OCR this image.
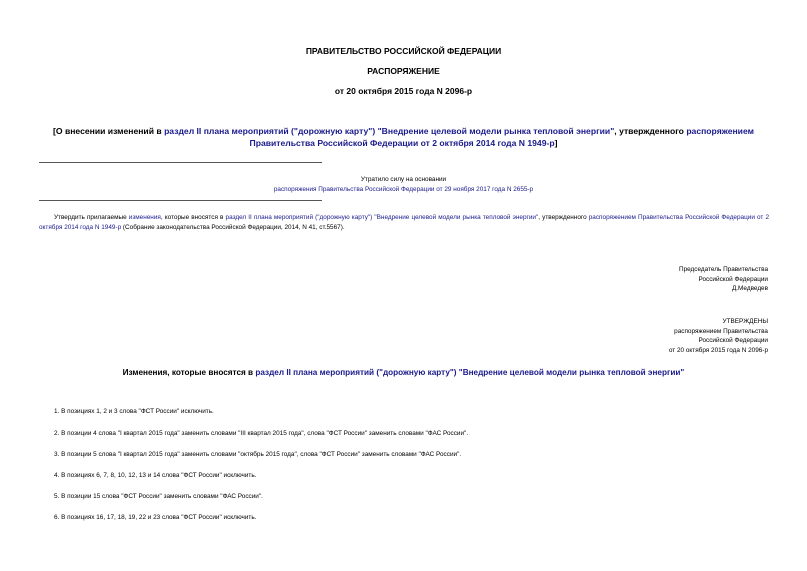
ПРАВИТЕЛЬСТВО РОССИЙСКОЙ ФЕДЕРАЦИИ
РАСПОРЯЖЕНИЕ
от 20 октября 2015 года N 2096-р
[О внесении изменений в раздел II плана мероприятий ("дорожную карту") "Внедрение целевой модели рынка тепловой энергии", утвержденного распоряжением
Правительства Российской Федерации от 2 октября 2014 года N 1949-р]
Утратило силу на основании
распоряжения Правительства Российской Федерации от 29 ноября 2017 года N 2655-р
Утвердить прилагаемые изменения, которые вносятся в раздел II плана мероприятий ("дорожную карту") "Внедрение целевой модели рынка тепловой энергии", утвержденного распоряжением Правительства Российской Федерации от 2 октября 2014 года N 1949-р (Собрание законодательства Российской Федерации, 2014, N 41, ст.5567).
Председатель Правительства
Российской Федерации
Д.Медведев
УТВЕРЖДЕНЫ
распоряжением Правительства
Российской Федерации
от 20 октября 2015 года N 2096-р
Изменения, которые вносятся в раздел II плана мероприятий ("дорожную карту") "Внедрение целевой модели рынка тепловой энергии"
1. В позициях 1, 2 и 3 слова "ФСТ России" исключить.
2. В позиции 4 слова "I квартал 2015 года" заменить словами "III квартал 2015 года", слова "ФСТ России" заменить словами "ФАС России".
3. В позиции 5 слова "I квартал 2015 года" заменить словами "октябрь 2015 года", слова "ФСТ России" заменить словами "ФАС России".
4. В позициях 6, 7, 8, 10, 12, 13 и 14 слова "ФСТ России" исключить.
5. В позиции 15 слова "ФСТ России" заменить словами "ФАС России".
6. В позициях 16, 17, 18, 19, 22 и 23 слова "ФСТ России" исключить.
